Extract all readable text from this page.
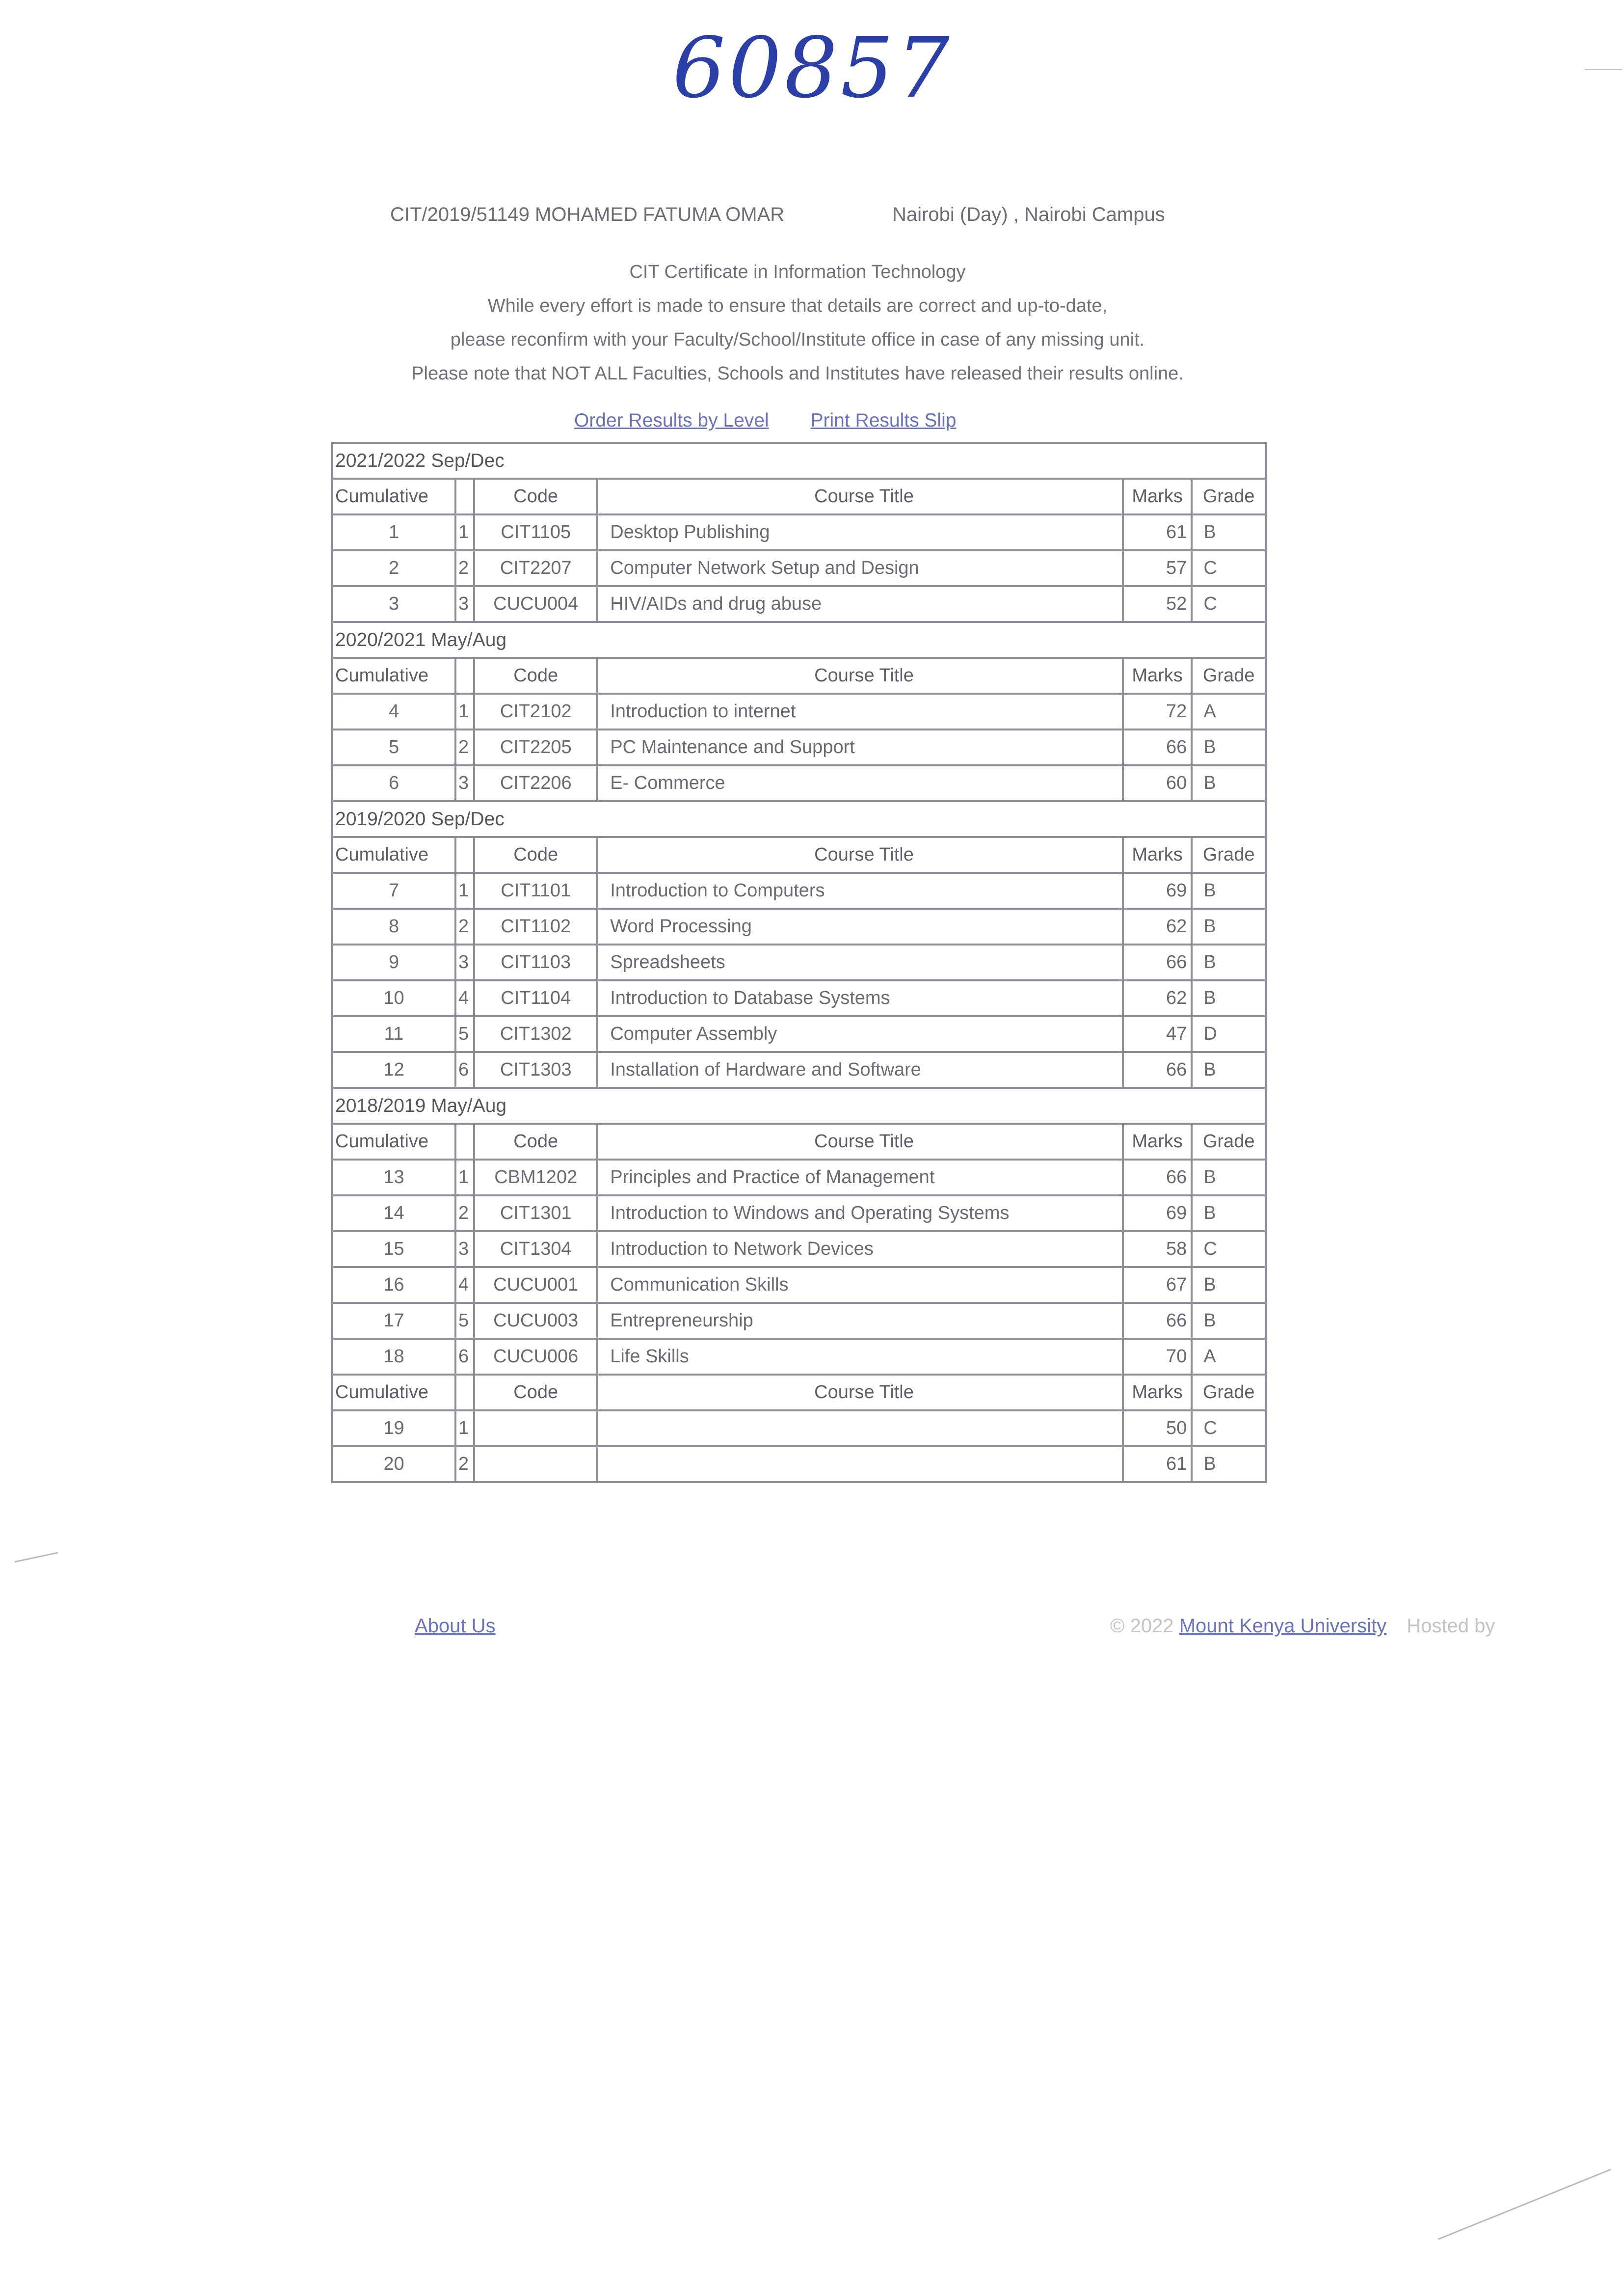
60857
CIT/2019/51149 MOHAMED FATUMA OMAR	Nairobi (Day) , Nairobi Campus
CIT Certificate in Information Technology
While every effort is made to ensure that details are correct and up-to-date,
please reconfirm with your Faculty/School/Institute office in case of any missing unit.
Please note that NOT ALL Faculties, Schools and Institutes have released their results online.
Order Results by Level Print Results Slip
2021/2022 Sep/Dec					
Cumulative		Code	Course Title	Marks	Grade
1	1	CIT1105	Desktop Publishing	61	B
2	2	CIT2207	Computer Network Setup and Design	57	C
3	3	CUCU004	HIV/AIDs and drug abuse	52	C
2020/2021 May/Aug					
Cumulative		Code	Course Title	Marks	Grade
4	1	CIT2102	Introduction to internet	72	A
5	2	CIT2205	PC Maintenance and Support	66	B
6	3	CIT2206	E- Commerce	60	B
2019/2020 Sep/Dec					
Cumulative		Code	Course Title	Marks	Grade
7	1	CIT1101	Introduction to Computers	69	B
8	2	CIT1102	Word Processing	62	B
9	3	CIT1103	Spreadsheets	66	B
10	4	CIT1104	Introduction to Database Systems	62	B
11	5	CIT1302	Computer Assembly	47	D
12	6	CIT1303	Installation of Hardware and Software	66	B
2018/2019 May/Aug					
Cumulative		Code	Course Title	Marks	Grade
13	1	CBM1202	Principles and Practice of Management	66	B
14	2	CIT1301	Introduction to Windows and Operating Systems	69	B
15	3	CIT1304	Introduction to Network Devices	58	C
16	4	CUCU001	Communication Skills	67	B
17	5	CUCU003	Entrepreneurship	66	B
18	6	CUCU006	Life Skills	70	A
Cumulative		Code	Course Title	Marks	Grade
19	1			50	C
20	2			61	B
About Us	© 2022 Mount Kenya University Hosted by
